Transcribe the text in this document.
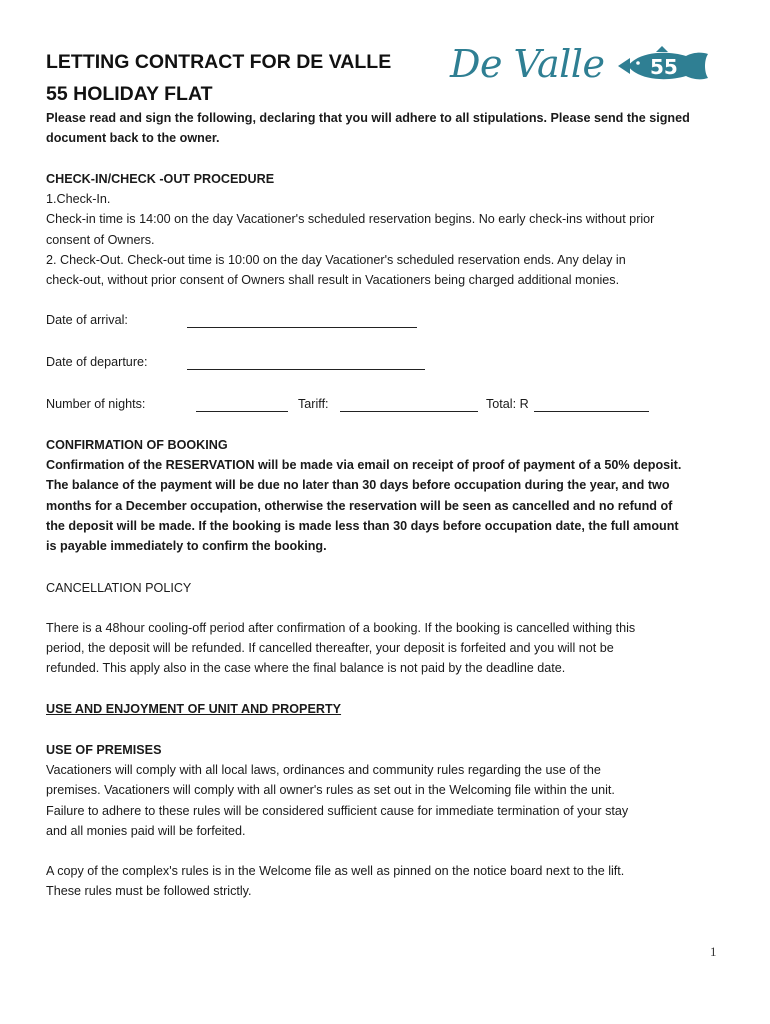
LETTING CONTRACT FOR DE VALLE
55 HOLIDAY FLAT
De Valle 55
Please read and sign the following, declaring that you will adhere to all stipulations. Please send the signed
document back to the owner.
CHECK-IN/CHECK -OUT PROCEDURE
1.Check-In.
Check-in time is 14:00 on the day Vacationer's scheduled reservation begins. No early check-ins without prior
consent of Owners.
2. Check-Out. Check-out time is 10:00 on the day Vacationer's scheduled reservation ends. Any delay in
check-out, without prior consent of Owners shall result in Vacationers being charged additional monies.
Date of arrival:
Date of departure:
Number of nights:	Tariff:	Total: R
CONFIRMATION OF BOOKING
Confirmation of the RESERVATION will be made via email on receipt of proof of payment of a 50% deposit.
The balance of the payment will be due no later than 30 days before occupation during the year, and two
months for a December occupation, otherwise the reservation will be seen as cancelled and no refund of
the deposit will be made. If the booking is made less than 30 days before occupation date, the full amount
is payable immediately to confirm the booking.
CANCELLATION POLICY
There is a 48hour cooling-off period after confirmation of a booking. If the booking is cancelled withing this
period, the deposit will be refunded. If cancelled thereafter, your deposit is forfeited and you will not be
refunded. This apply also in the case where the final balance is not paid by the deadline date.
USE AND ENJOYMENT OF UNIT AND PROPERTY
USE OF PREMISES
Vacationers will comply with all local laws, ordinances and community rules regarding the use of the
premises. Vacationers will comply with all owner's rules as set out in the Welcoming file within the unit.
Failure to adhere to these rules will be considered sufficient cause for immediate termination of your stay
and all monies paid will be forfeited.
A copy of the complex's rules is in the Welcome file as well as pinned on the notice board next to the lift.
These rules must be followed strictly.
1
